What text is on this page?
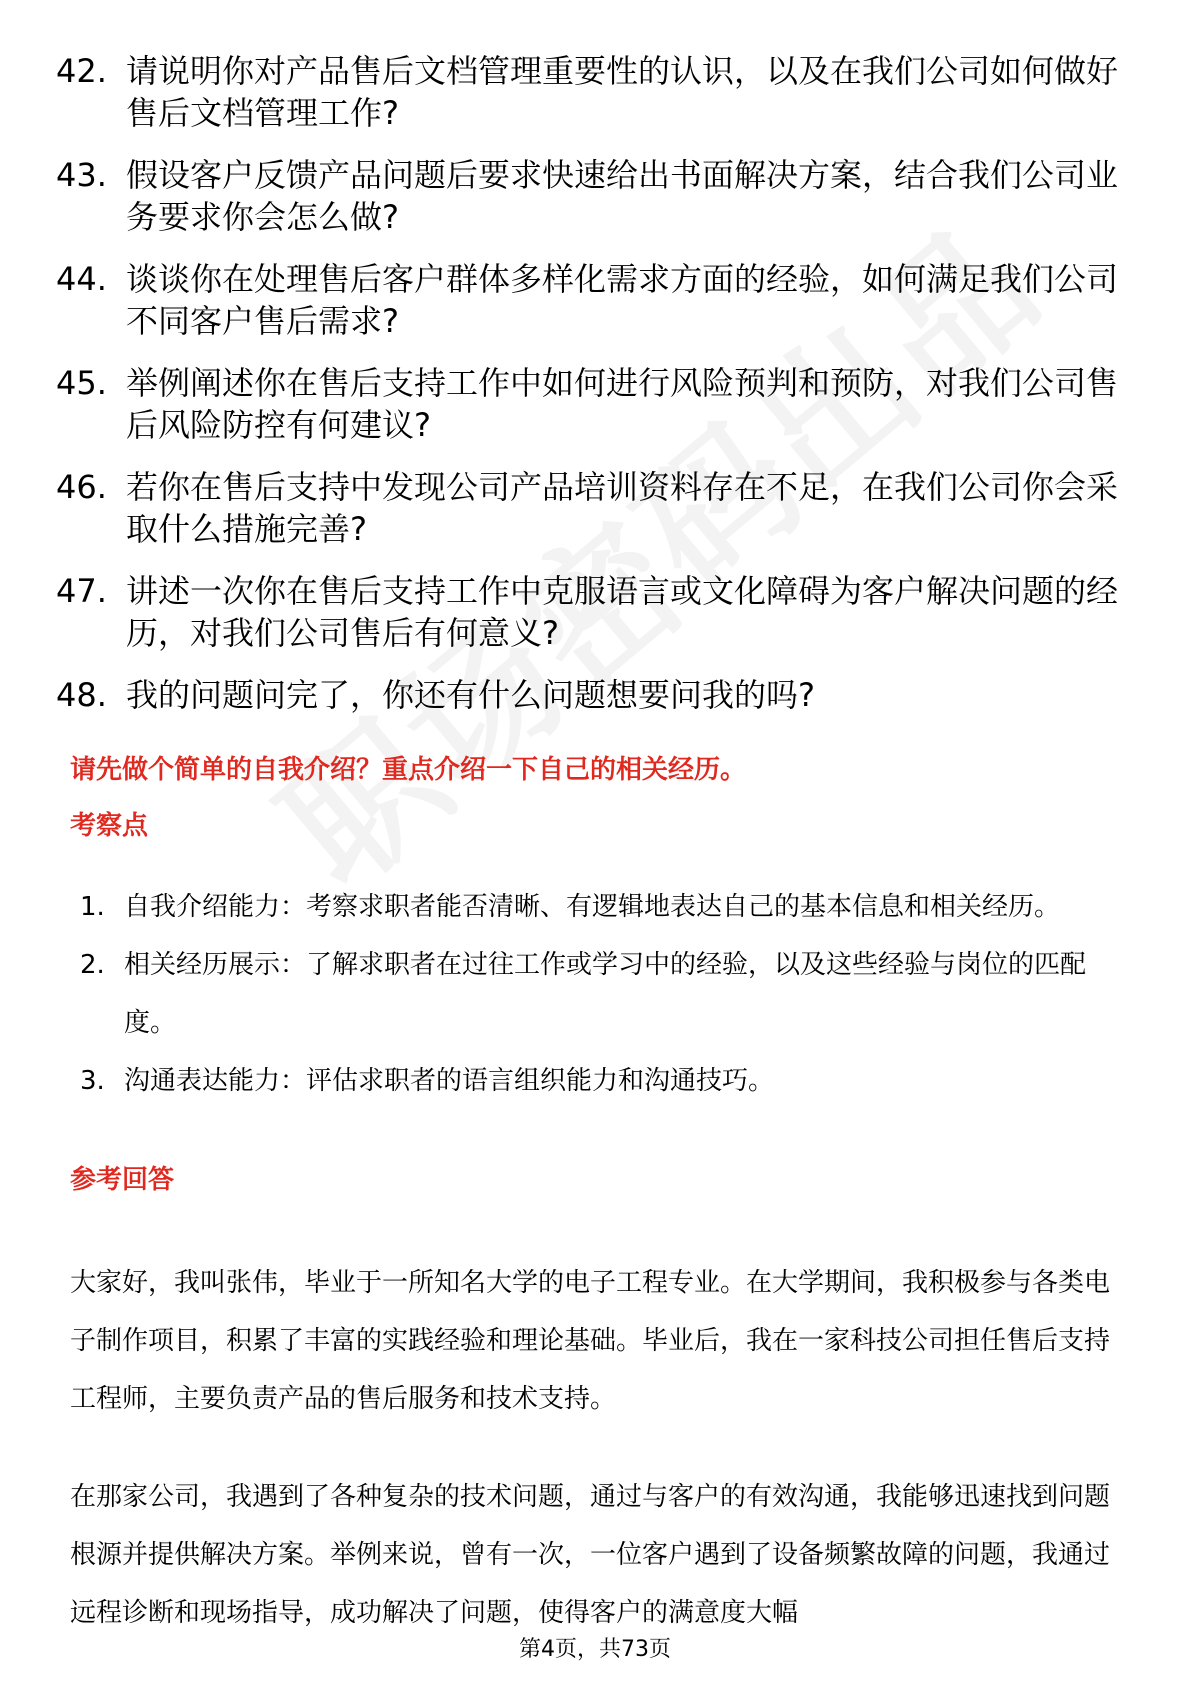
42. 请说明你对产品售后文档管理重要性的认识，以及在我们公司如何做好售后文档管理工作?
43. 假设客户反馈产品问题后要求快速给出书面解决方案，结合我们公司业务要求你会怎么做?
44. 谈谈你在处理售后客户群体多样化需求方面的经验，如何满足我们公司不同客户售后需求?
45. 举例阐述你在售后支持工作中如何进行风险预判和预防，对我们公司售后风险防控有何建议?
46. 若你在售后支持中发现公司产品培训资料存在不足，在我们公司你会采取什么措施完善?
47. 讲述一次你在售后支持工作中克服语言或文化障碍为客户解决问题的经历，对我们公司售后有何意义?
48. 我的问题问完了，你还有什么问题想要问我的吗?
请先做个简单的自我介绍？重点介绍一下自己的相关经历。
考察点
1. 自我介绍能力：考察求职者能否清晰、有逻辑地表达自己的基本信息和相关经历。
2. 相关经历展示：了解求职者在过往工作或学习中的经验，以及这些经验与岗位的匹配度。
3. 沟通表达能力：评估求职者的语言组织能力和沟通技巧。
参考回答

大家好，我叫张伟，毕业于一所知名大学的电子工程专业。在大学期间，我积极参与各类电子制作项目，积累了丰富的实践经验和理论基础。毕业后，我在一家科技公司担任售后支持工程师，主要负责产品的售后服务和技术支持。

在那家公司，我遇到了各种复杂的技术问题，通过与客户的有效沟通，我能够迅速找到问题根源并提供解决方案。举例来说，曾有一次，一位客户遇到了设备频繁故障的问题，我通过远程诊断和现场指导，成功解决了问题，使得客户的满意度大幅

第4页，共73页
